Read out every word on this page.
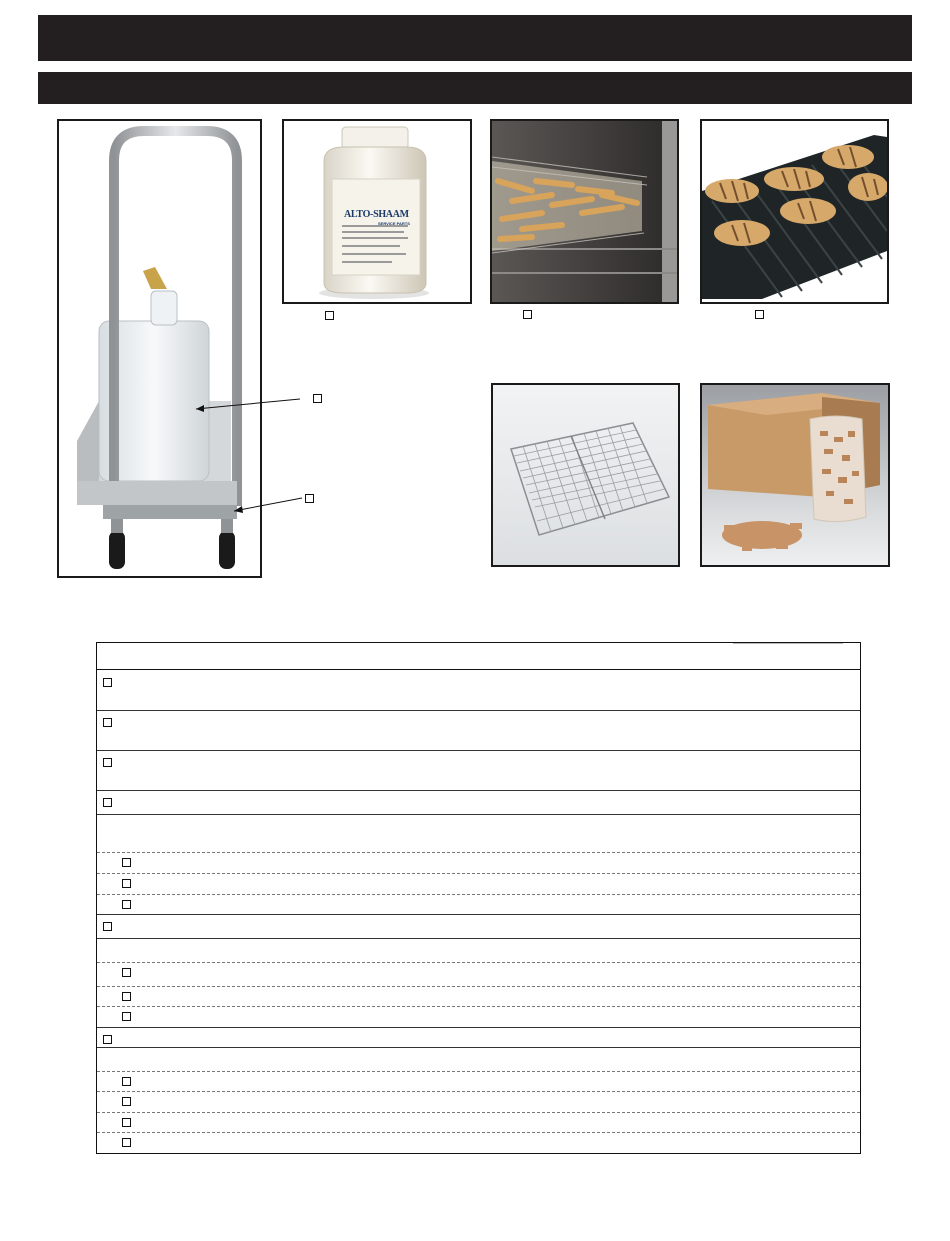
ALTO-SHAAM
SERVICE PARTS
